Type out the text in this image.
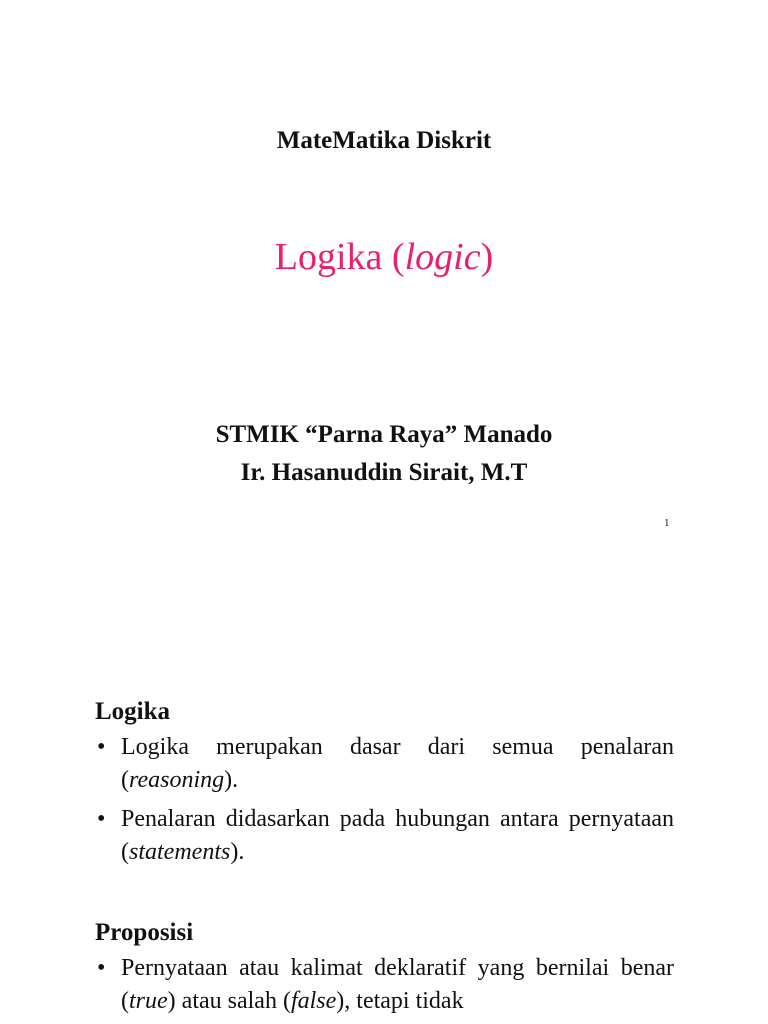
MateMatika Diskrit
Logika (logic)
STMIK “Parna Raya” Manado
Ir. Hasanuddin Sirait, M.T
1
Logika
• Logika merupakan dasar dari semua penalaran (reasoning).
• Penalaran didasarkan pada hubungan antara pernyataan (statements).
Proposisi
• Pernyataan atau kalimat deklaratif yang bernilai benar (true) atau salah (false), tetapi tidak
